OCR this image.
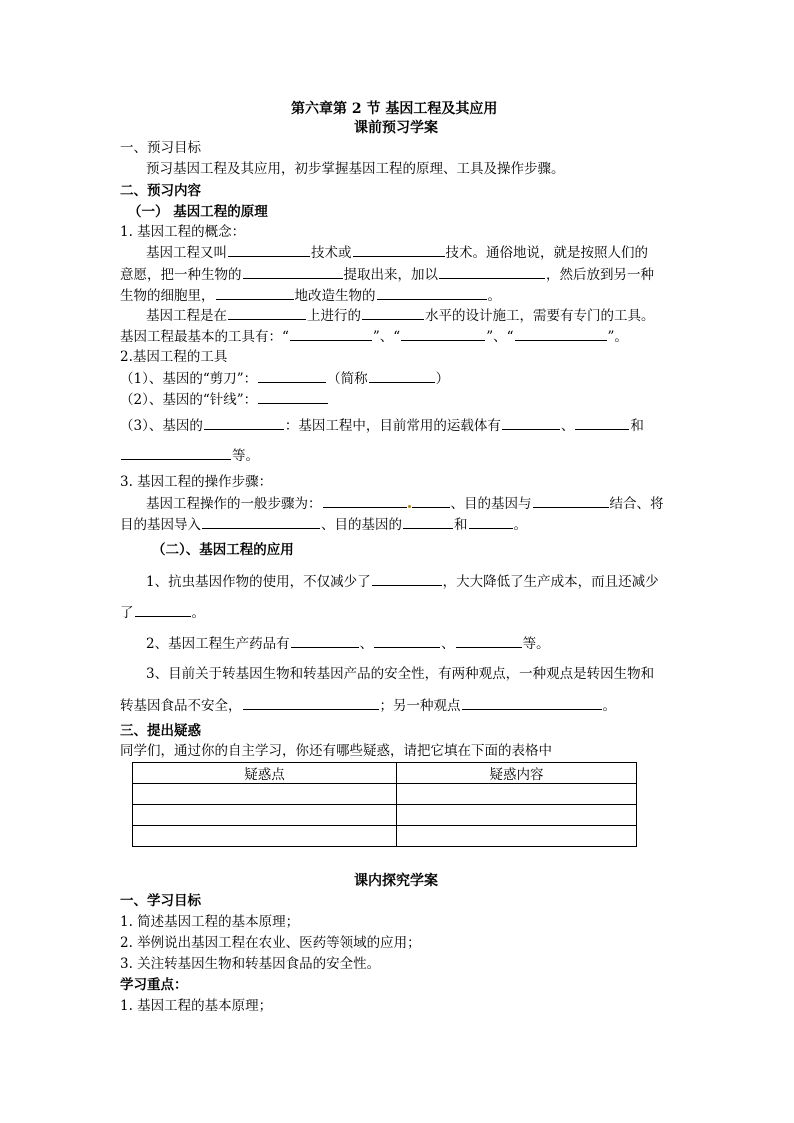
第六章第 2 节 基因工程及其应用
课前预习学案
一、预习目标
预习基因工程及其应用，初步掌握基因工程的原理、工具及操作步骤。
二、预习内容
（一） 基因工程的原理
1. 基因工程的概念：
基因工程又叫	技术或	技术。通俗地说，就是按照人们的
意愿，把一种生物的	提取出来，加以	，然后放到另一种
生物的细胞里，	地改造生物的	。
基因工程是在	上进行的	水平的设计施工，需要有专门的工具。
基因工程最基本的工具有：“	”、“	”、“	”。
2.基因工程的工具
（1）、基因的“剪刀”：	（简称	）
（2）、基因的“针线”：
（3）、基因的	：基因工程中，目前常用的运载体有	、	和
等。
3. 基因工程的操作步骤：
基因工程操作的一般步骤为：	、目的基因与	结合、将
目的基因导入	、目的基因的	和	。
（二）、基因工程的应用
1、抗虫基因作物的使用，不仅减少了	，大大降低了生产成本，而且还减少
了	。
2、基因工程生产药品有	、	、	等。
3、目前关于转基因生物和转基因产品的安全性，有两种观点，一种观点是转因生物和
转基因食品不安全，	；另一种观点	。
三、提出疑惑
同学们，通过你的自主学习，你还有哪些疑惑，请把它填在下面的表格中
疑惑点	疑惑内容

课内探究学案
一、学习目标
1. 简述基因工程的基本原理；
2. 举例说出基因工程在农业、医药等领域的应用；
3. 关注转基因生物和转基因食品的安全性。
学习重点：
1. 基因工程的基本原理；
